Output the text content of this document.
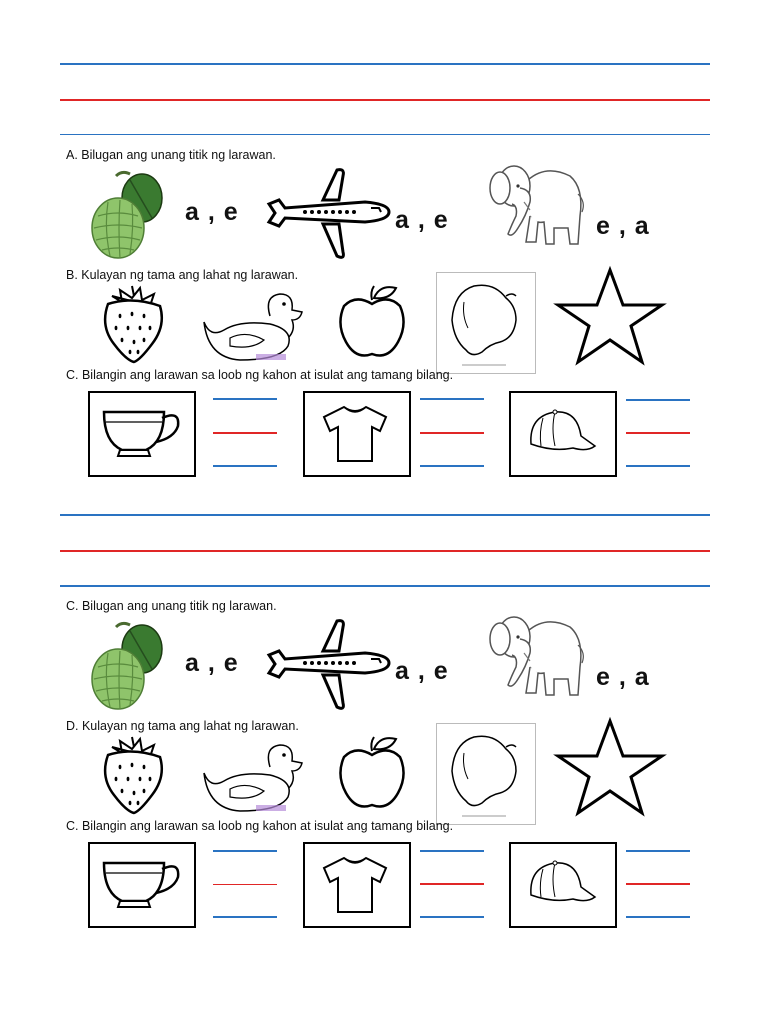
A. Bilugan ang unang titik ng larawan.
a , e	a , e	e , a
B. Kulayan ng tama ang lahat ng larawan.
C. Bilangin ang larawan sa loob ng kahon at isulat ang tamang bilang.
C. Bilugan ang unang titik ng larawan.
a , e	a , e	e , a
D. Kulayan ng tama ang lahat ng larawan.
C. Bilangin ang larawan sa loob ng kahon at isulat ang tamang bilang.
